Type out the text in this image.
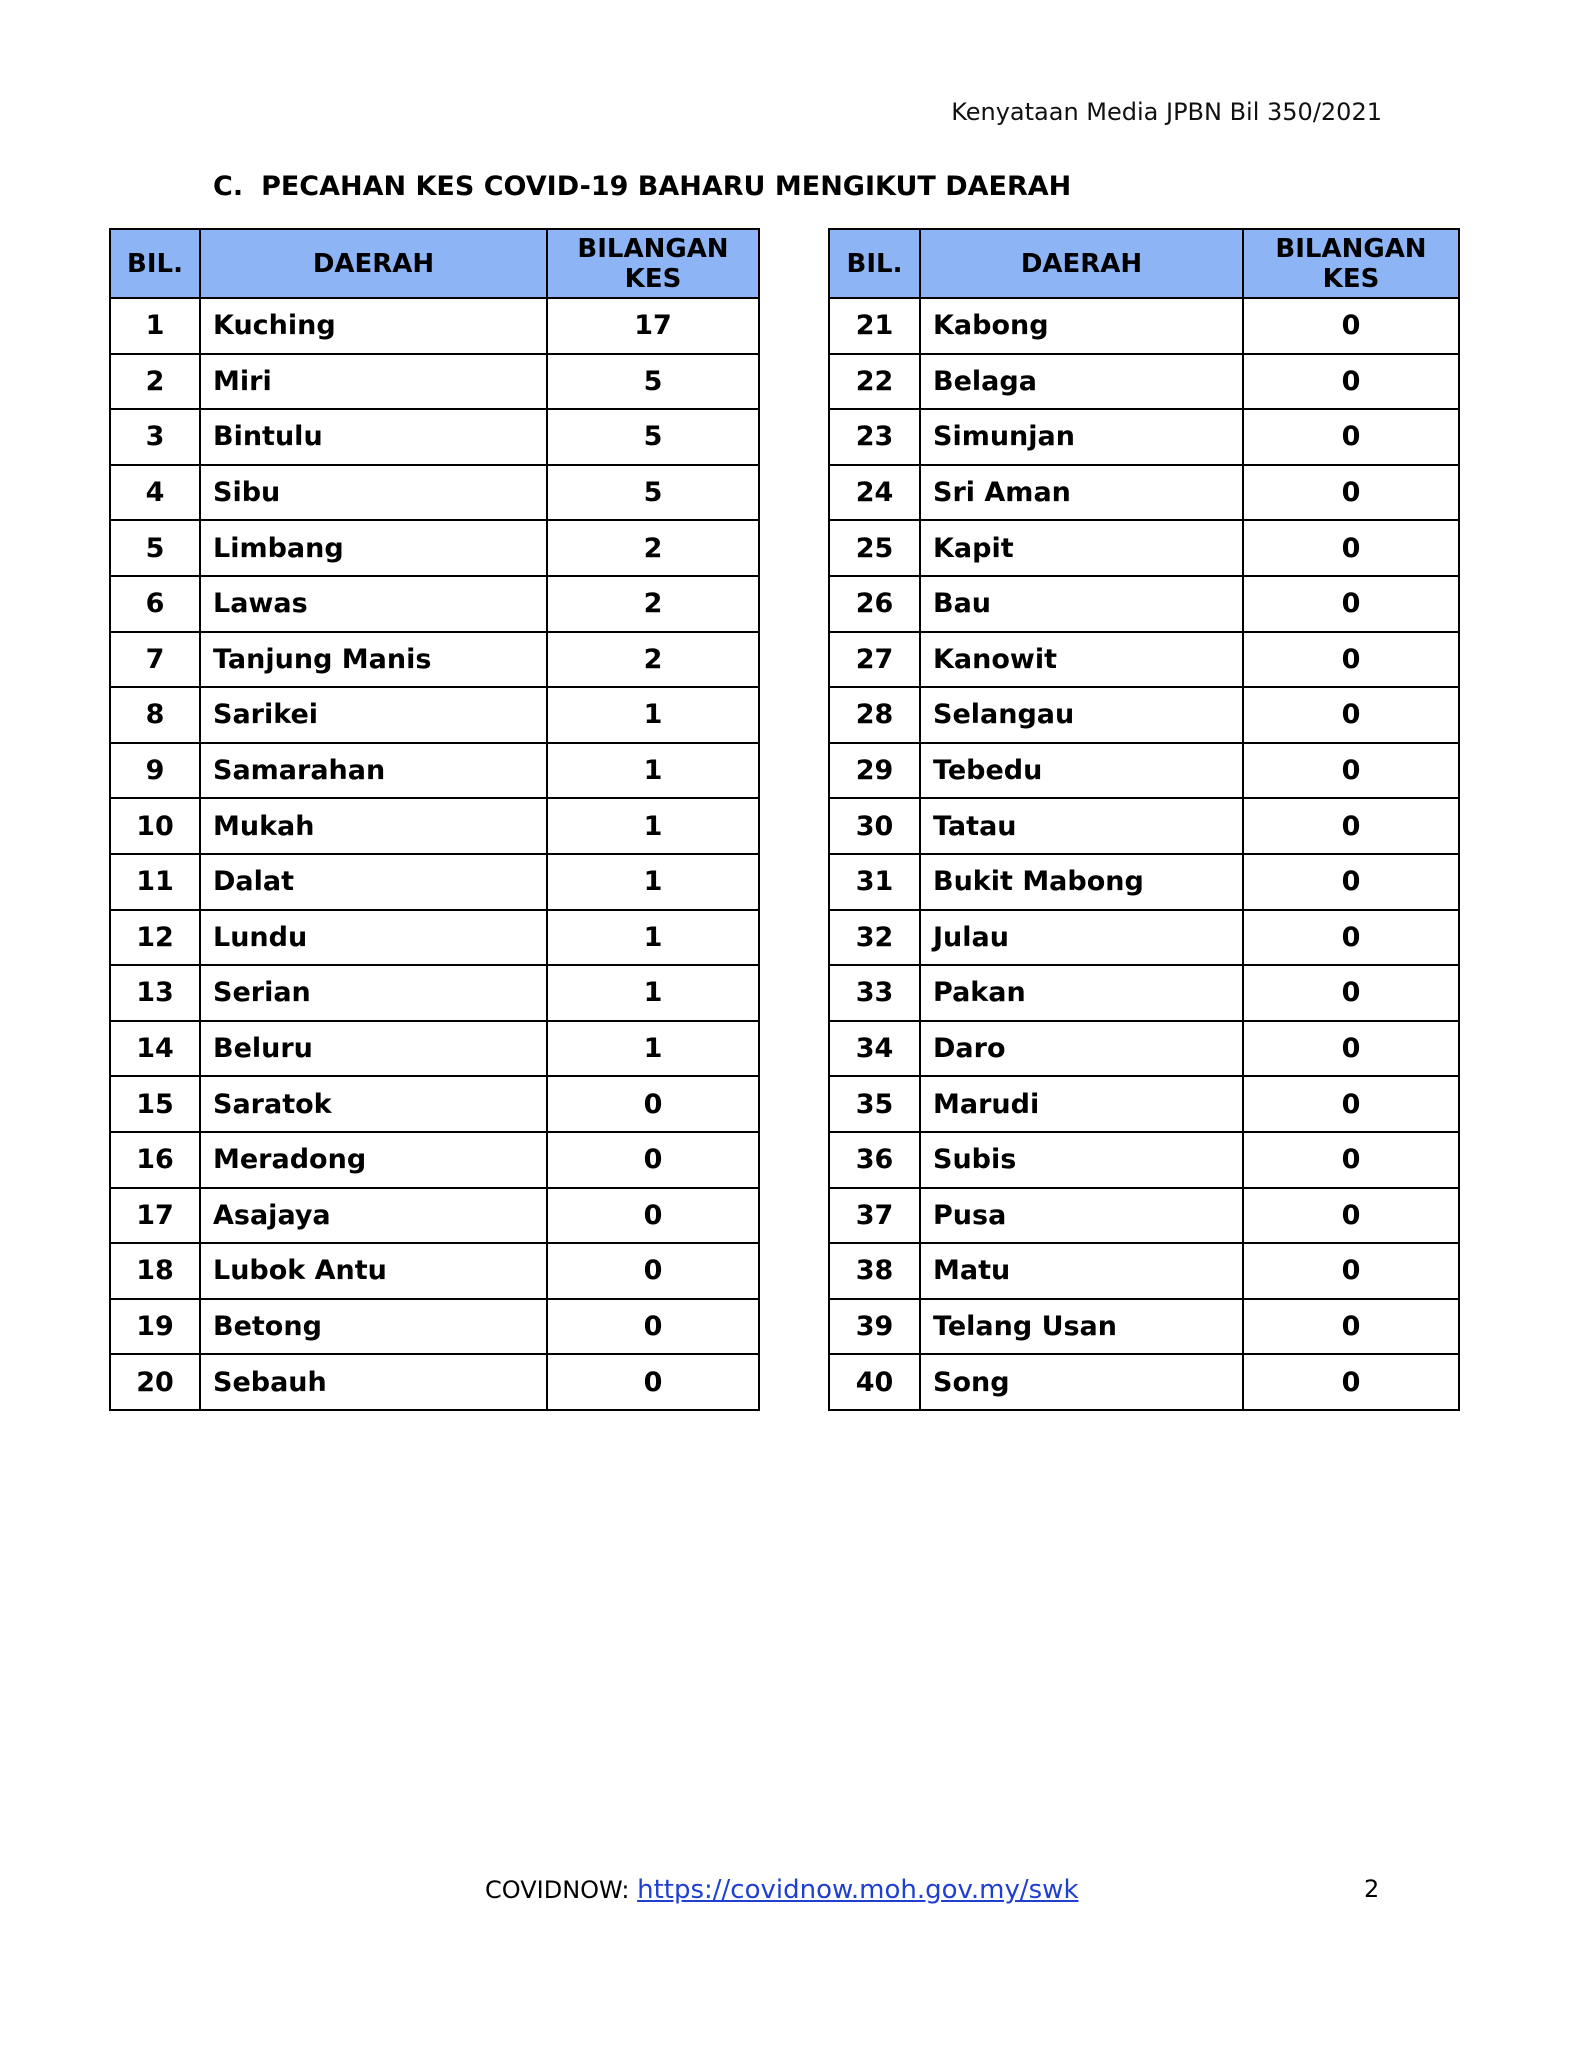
Kenyataan Media JPBN Bil 350/2021
C. PECAHAN KES COVID-19 BAHARU MENGIKUT DAERAH
BIL.	DAERAH	BILANGAN
KES

1	Kuching	17
2	Miri	5
3	Bintulu	5
4	Sibu	5
5	Limbang	2
6	Lawas	2
7	Tanjung Manis	2
8	Sarikei	1
9	Samarahan	1
10	Mukah	1
11	Dalat	1
12	Lundu	1
13	Serian	1
14	Beluru	1
15	Saratok	0
16	Meradong	0
17	Asajaya	0
18	Lubok Antu	0
19	Betong	0
20	Sebauh	0
BIL.	DAERAH	BILANGAN
KES

21	Kabong	0
22	Belaga	0
23	Simunjan	0
24	Sri Aman	0
25	Kapit	0
26	Bau	0
27	Kanowit	0
28	Selangau	0
29	Tebedu	0
30	Tatau	0
31	Bukit Mabong	0
32	Julau	0
33	Pakan	0
34	Daro	0
35	Marudi	0
36	Subis	0
37	Pusa	0
38	Matu	0
39	Telang Usan	0
40	Song	0
COVIDNOW: https://covidnow.moh.gov.my/swk	2
